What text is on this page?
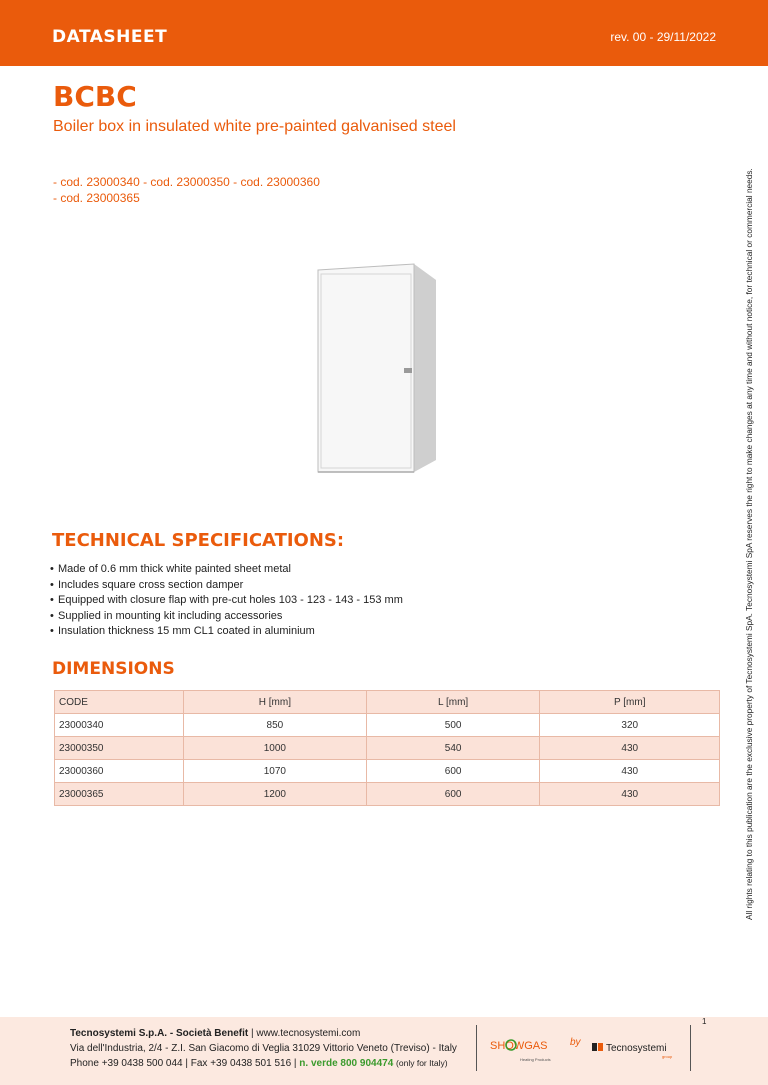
DATASHEET	rev. 00 - 29/11/2022
BCBC
Boiler box in insulated white pre-painted galvanised steel
- cod. 23000340 - cod. 23000350 - cod. 23000360
- cod. 23000365
TECHNICAL SPECIFICATIONS:
• Made of 0.6 mm thick white painted sheet metal
• Includes square cross section damper
• Equipped with closure flap with pre-cut holes 103 - 123 - 143 - 153 mm
• Supplied in mounting kit including accessories
• Insulation thickness 15 mm CL1 coated in aluminium
DIMENSIONS
CODE	H [mm]	L [mm]	P [mm]
23000340	850	500	320
23000350	1000	540	430
23000360	1070	600	430
23000365	1200	600	430	All rights relating to this publication are the exclusive property of Tecnosystemi SpA. Tecnosystemi SpA reserves the right to make changes at any time and without notice, for technical or commercial needs.
Tecnosystemi S.p.A. - Società Benefit | www.tecnosystemi.com
Via dell'Industria, 2/4 - Z.I. San Giacomo di Veglia 31029 Vittorio Veneto (Treviso) - Italy
Phone +39 0438 500 044 | Fax +39 0438 501 516 | n. verde 800 904474 (only for Italy)
SHOWGAS
Heating Products
by
Tecnosystemi
group
1
